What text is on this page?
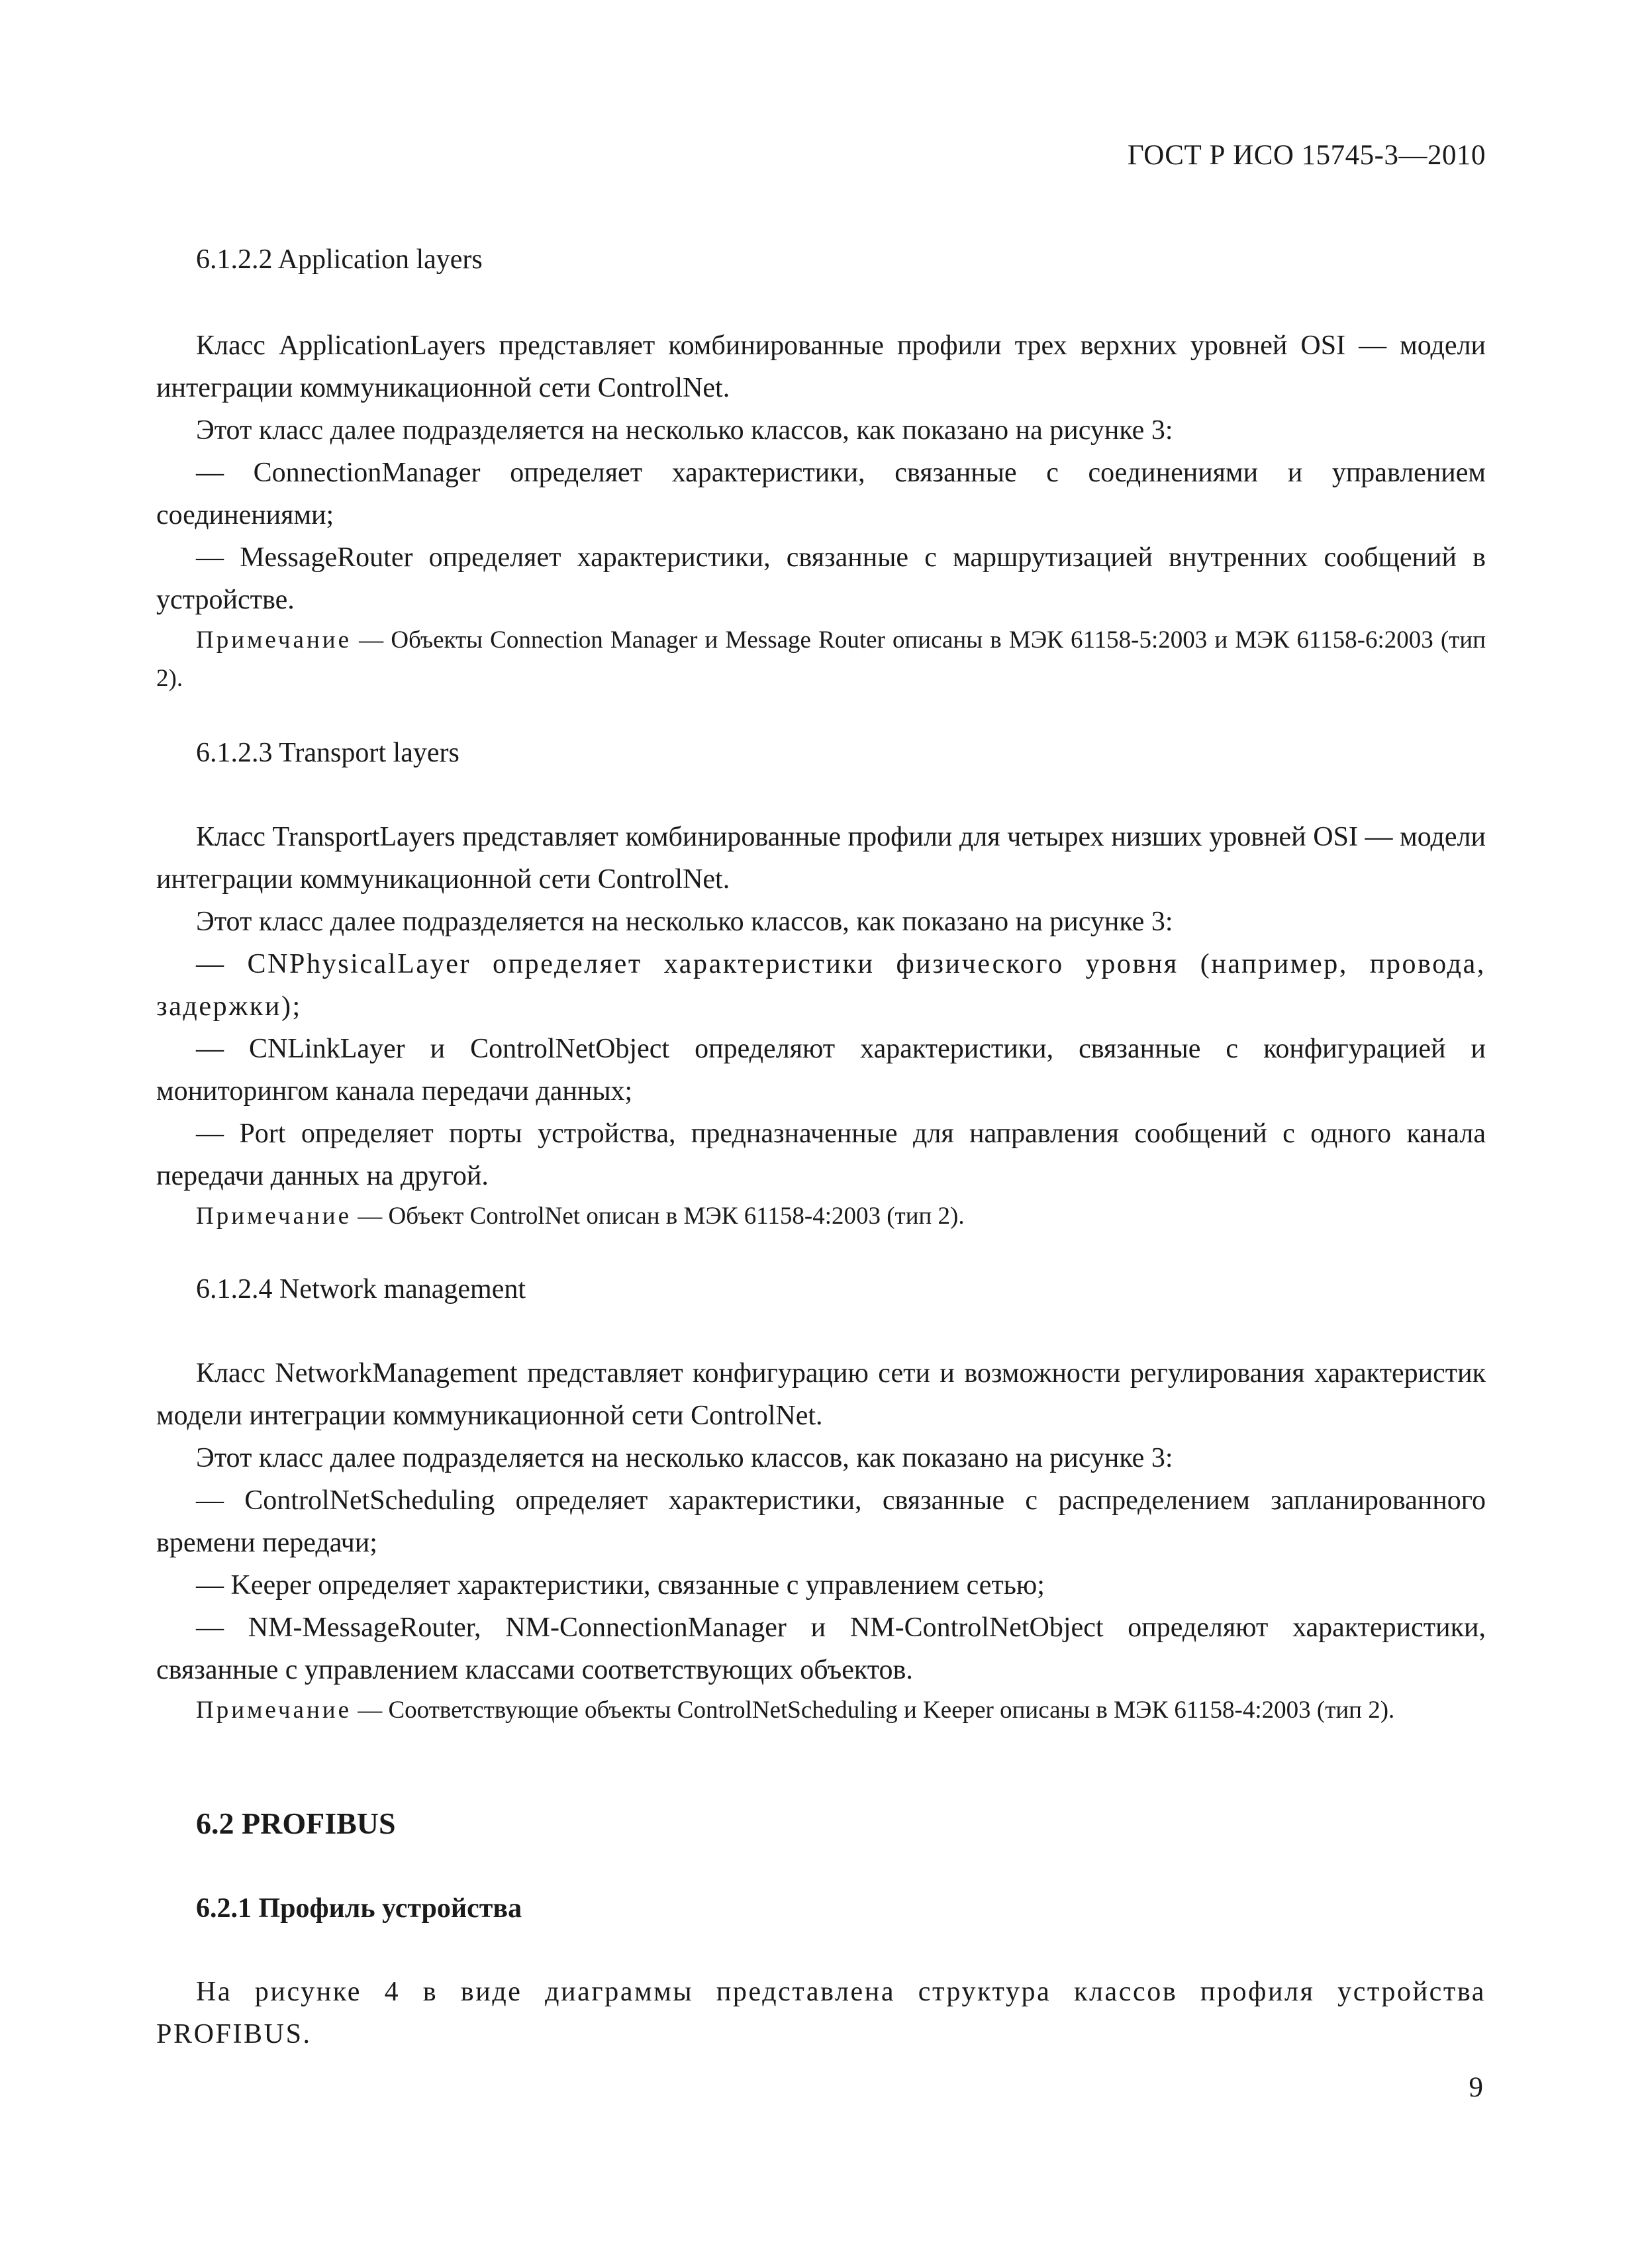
ГОСТ Р ИСО 15745-3—2010

6.1.2.2 Application layers

Класс ApplicationLayers представляет комбинированные профили трех верхних уровней OSI — модели интеграции коммуникационной сети ControlNet.

Этот класс далее подразделяется на несколько классов, как показано на рисунке 3:

— ConnectionManager определяет характеристики, связанные с соединениями и управлением соединениями;

— MessageRouter определяет характеристики, связанные с маршрутизацией внутренних сообщений в устройстве.

Примечание — Объекты Connection Manager и Message Router описаны в МЭК 61158-5:2003 и МЭК 61158-6:2003 (тип 2).

6.1.2.3 Transport layers

Класс TransportLayers представляет комбинированные профили для четырех низших уровней OSI — модели интеграции коммуникационной сети ControlNet.

Этот класс далее подразделяется на несколько классов, как показано на рисунке 3:

— CNPhysicalLayer определяет характеристики физического уровня (например, провода, задержки);

— CNLinkLayer и ControlNetObject определяют характеристики, связанные с конфигурацией и мониторингом канала передачи данных;

— Port определяет порты устройства, предназначенные для направления сообщений с одного канала передачи данных на другой.

Примечание — Объект ControlNet описан в МЭК 61158-4:2003 (тип 2).

6.1.2.4 Network management

Класс NetworkManagement представляет конфигурацию сети и возможности регулирования характеристик модели интеграции коммуникационной сети ControlNet.

Этот класс далее подразделяется на несколько классов, как показано на рисунке 3:

— ControlNetScheduling определяет характеристики, связанные с распределением запланированного времени передачи;

— Keeper определяет характеристики, связанные с управлением сетью;

— NM-MessageRouter, NM-ConnectionManager и NM-ControlNetObject определяют характеристики, связанные с управлением классами соответствующих объектов.

Примечание — Соответствующие объекты ControlNetScheduling и Keeper описаны в МЭК 61158-4:2003 (тип 2).

6.2 PROFIBUS

6.2.1 Профиль устройства

На рисунке 4 в виде диаграммы представлена структура классов профиля устройства PROFIBUS.

9
